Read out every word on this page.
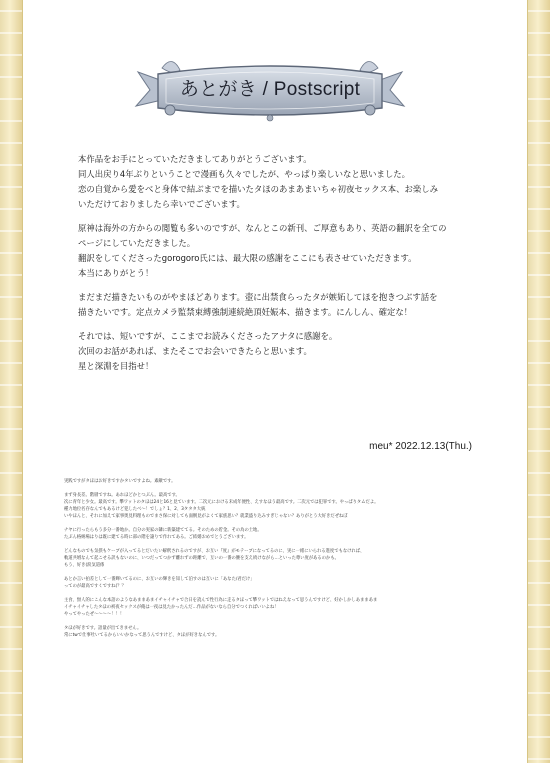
あとがき / Postscript

本作品をお手にとっていただきましてありがとうございます。
同人出戻り4年ぶりということで漫画も久々でしたが、やっぱり楽しいなと思いました。
恋の自覚から愛をべと身体で結ぶまでを描いたタほのあまあまいちゃ初夜セックス本、お楽しみ
いただけておりましたら幸いでございます。

原神は海外の方からの閲覧も多いのですが、なんとこの新刊、ご厚意もあり、英語の翻訳を全ての
ページにしていただきました。
翻訳をしてくださったgorogoro氏には、最大限の感謝をここにも表させていただきます。
本当にありがとう！

まだまだ描きたいものがやまほどあります。壺に出禁食らったタが嫉妬してほを抱きつぶす話を
描きたいです。定点カメラ監禁束縛強制連続絶頂妊娠本、描きます。にんしん、確定な！

それでは、短いですが、ここまでお読みくださったアナタに感謝を。
次回のお話があれば、またそこでお会いできたらと思います。
星と深淵を目指せ！

meu* 2022.12.13(Thu.)

実践ですがタほはお好きですかタいですよね。素敵です。

まず身長差。階層ですね。あれほどかとつぶん。最高です。
次に青年と少女。最高です。攀ワットのタほは24と16と見ています。二次元における未成年便性、えすなほう最高です。二次元では犯罪です。やっぱりタムだよ。
種力地位名存なんでもあるけど犯したべ〜！でしょ？1、2、3タタタ大統
いやほんと、それに加えて家事奥見料理ものでまさ保に対しても面倒見がよくて家族思い？就業盛り込みすぎじゃない？ありがとう大好きだぜねぼ

ナヤに行ったらもう多分一番地か。自分の実家の隣に新築建ててる。そのための貯金。その為の土地。
たぶん格納場はりは既に建てる時に部の階を譲りで作れてある。ご結婚おめでとうございます。

どんなものでも気摂もケーブが入ってるとだいたい解釈されるのですが、お互い『度』がモテーブになってるのに、実に一緒にいられる進度でもなければ、
軌道共増なんて起こせる訳もないのに、いつだってつかず離れずの距離で、互いの一番の腰を支え続けながら…といった尊い度があるのかも。
もう、好き(涙気道係

あとか言い拍差として一番輝いてるのに、お互いの輝きを知して泊すのは互いに「あなた/君だけ」
ってのが最高ですくですね(？？

主食、無人的にこんな本語のようなあままあまイチャイチャで合日を読んで性行為に走るタほって攀ワットではねえなって思うんですけど、好かしかしあままあま
イチャイチャしたタほの初夜セックスが俺は一夜は見たかったんだ…作品がないなら自分でつくればいいよね！
やってやったぜ〜〜〜〜！！！

タほが好きです。語量が出てきません。
常にtwで仕事吐いてるからいいかなって思うんですけど、タほが好きなんです。
